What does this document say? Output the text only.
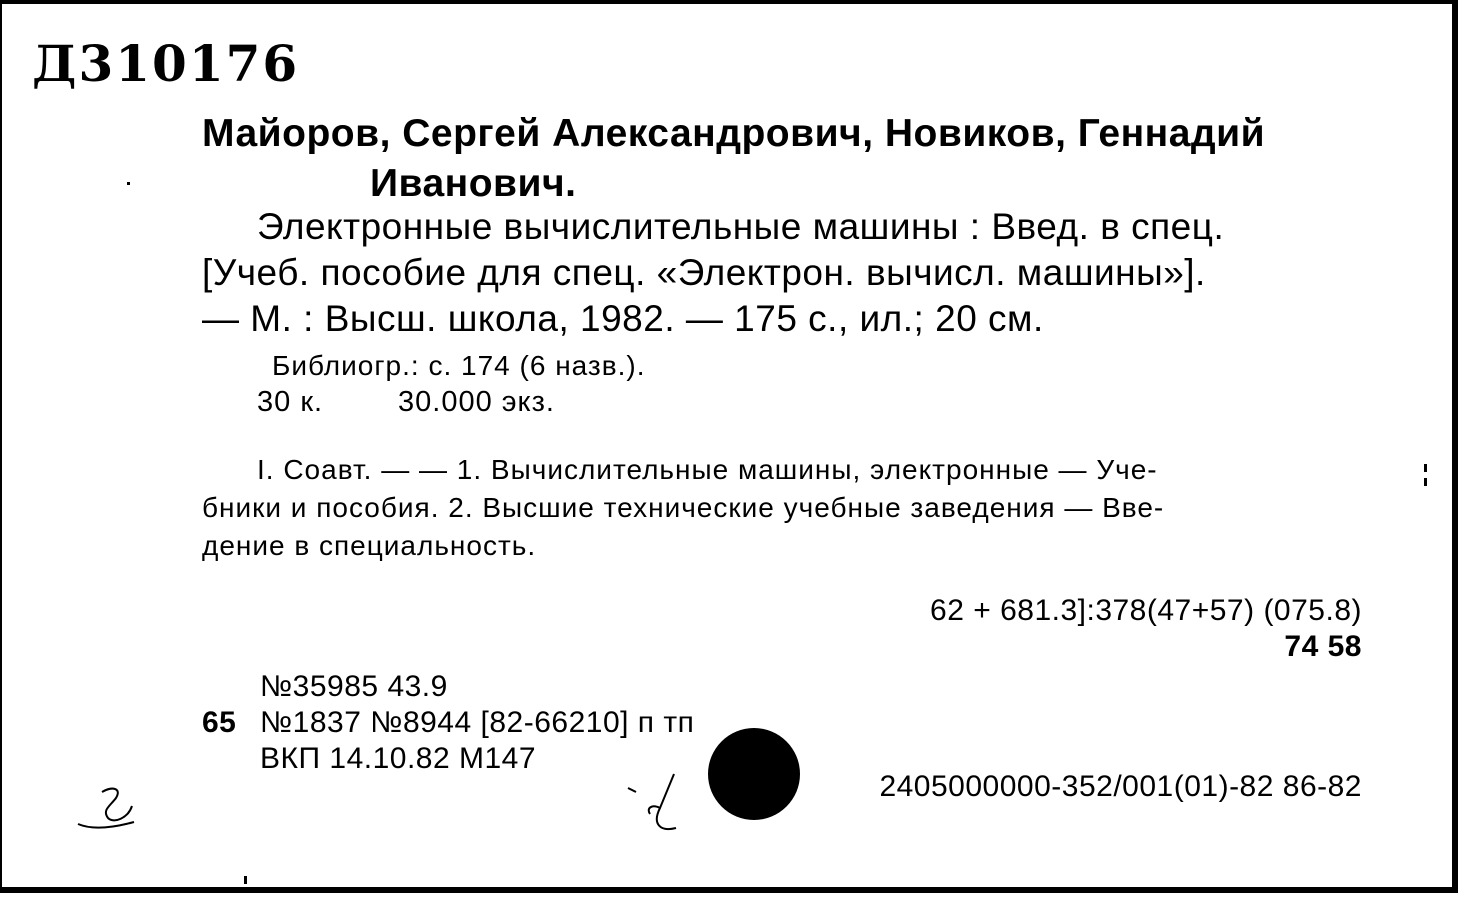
Д310176
Майоров, Сергей Александрович, Новиков, Геннадий
Иванович.
Электронные вычислительные машины : Введ. в спец.
[Учеб. пособие для спец. «Электрон. вычисл. машины»].
— М. : Высш. школа, 1982. — 175 с., ил.; 20 см.
Библиогр.: с. 174 (6 назв.).
30 к.	30.000 экз.
I. Соавт. — — 1. Вычислительные машины, электронные — Уче-
бники и пособия. 2. Высшие технические учебные заведения — Вве-
дение в специальность.
62 + 681.3]:378(47+57) (075.8)
74 58
№35985 43.9
65 №1837 №8944 [82-66210] п тп
ВКП 14.10.82 М147
2405000000-352/001(01)-82 86-82
